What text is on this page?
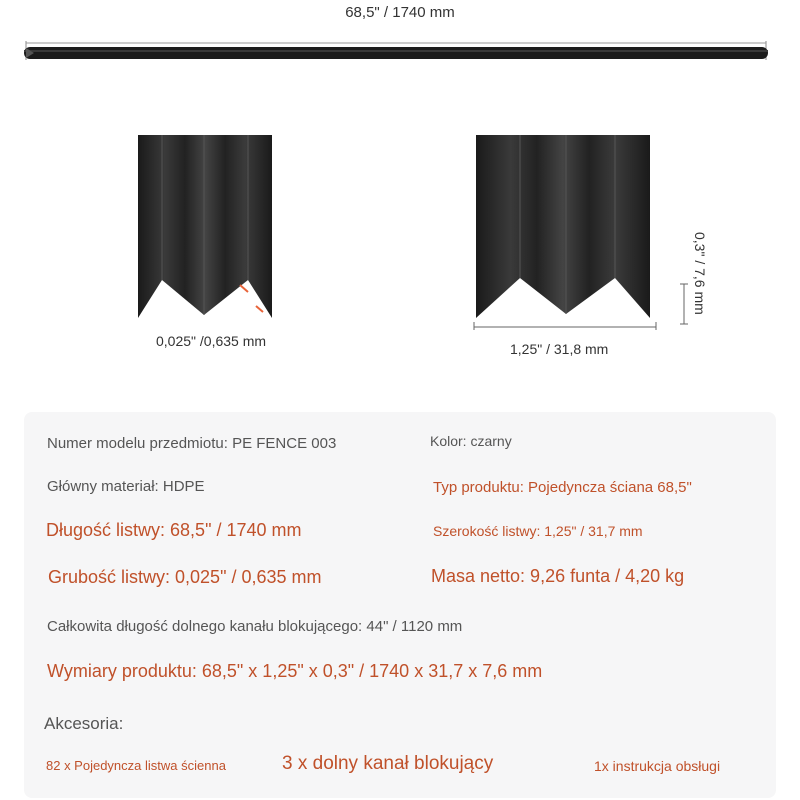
68,5" / 1740 mm
0,025" /0,635 mm	1,25" / 31,8 mm
0,3" / 7,6 mm
Numer modelu przedmiotu: PE FENCE 003	Kolor: czarny
Główny materiał: HDPE	Typ produktu: Pojedyncza ściana 68,5"
Długość listwy: 68,5" / 1740 mm	Szerokość listwy: 1,25" / 31,7 mm
Grubość listwy: 0,025" / 0,635 mm	Masa netto: 9,26 funta / 4,20 kg
Całkowita długość dolnego kanału blokującego: 44" / 1120 mm
Wymiary produktu: 68,5" x 1,25" x 0,3" / 1740 x 31,7 x 7,6 mm
Akcesoria:
82 x Pojedyncza listwa ścienna	3 x dolny kanał blokujący	1x instrukcja obsługi
